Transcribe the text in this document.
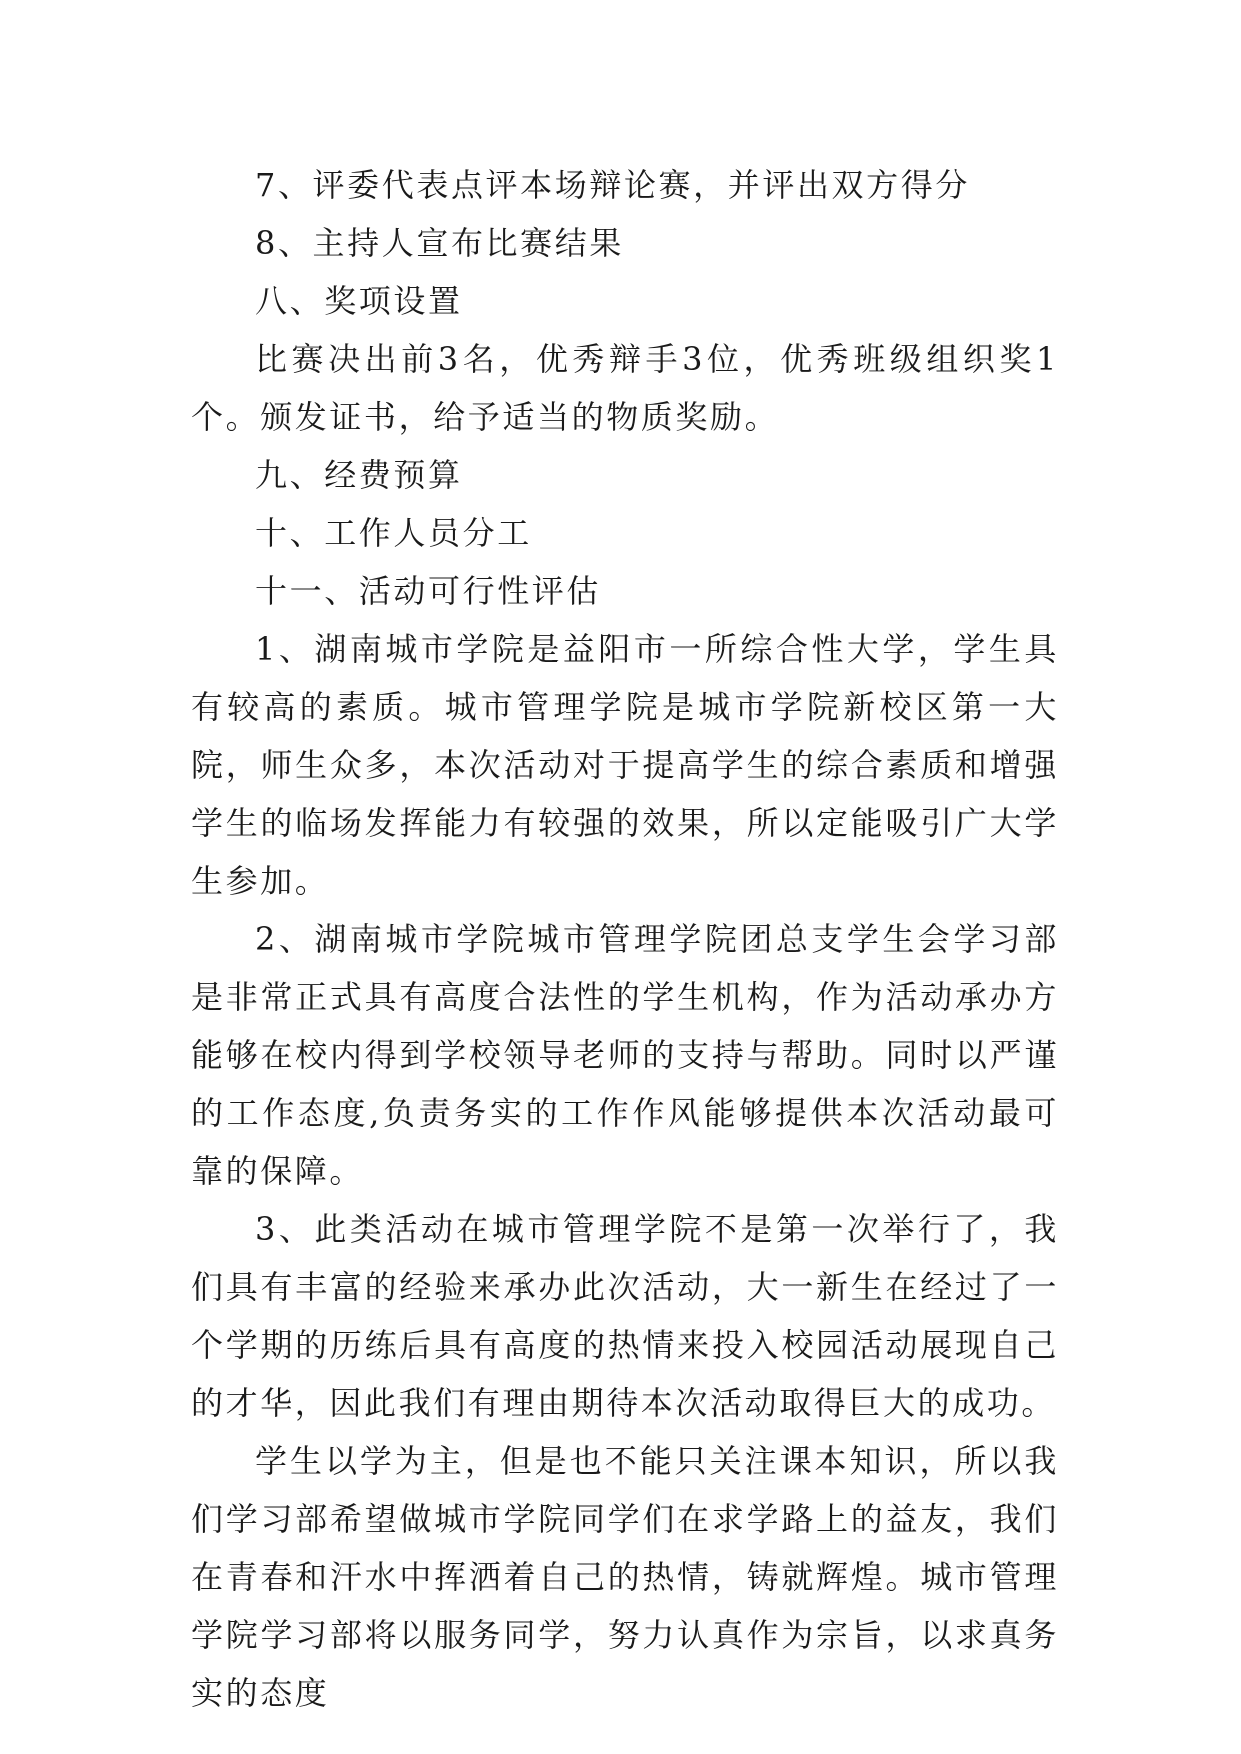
7、评委代表点评本场辩论赛，并评出双方得分

8、主持人宣布比赛结果

八、奖项设置

比赛决出前3名，优秀辩手3位，优秀班级组织奖1个。颁发证书，给予适当的物质奖励。

九、经费预算

十、工作人员分工

十一、活动可行性评估

1、湖南城市学院是益阳市一所综合性大学，学生具有较高的素质。城市管理学院是城市学院新校区第一大院，师生众多，本次活动对于提高学生的综合素质和增强学生的临场发挥能力有较强的效果，所以定能吸引广大学生参加。

2、湖南城市学院城市管理学院团总支学生会学习部是非常正式具有高度合法性的学生机构，作为活动承办方能够在校内得到学校领导老师的支持与帮助。同时以严谨的工作态度,负责务实的工作作风能够提供本次活动最可靠的保障。

3、此类活动在城市管理学院不是第一次举行了，我们具有丰富的经验来承办此次活动，大一新生在经过了一个学期的历练后具有高度的热情来投入校园活动展现自己的才华，因此我们有理由期待本次活动取得巨大的成功。

学生以学为主，但是也不能只关注课本知识，所以我们学习部希望做城市学院同学们在求学路上的益友，我们在青春和汗水中挥洒着自己的热情，铸就辉煌。城市管理学院学习部将以服务同学，努力认真作为宗旨，以求真务实的态度
